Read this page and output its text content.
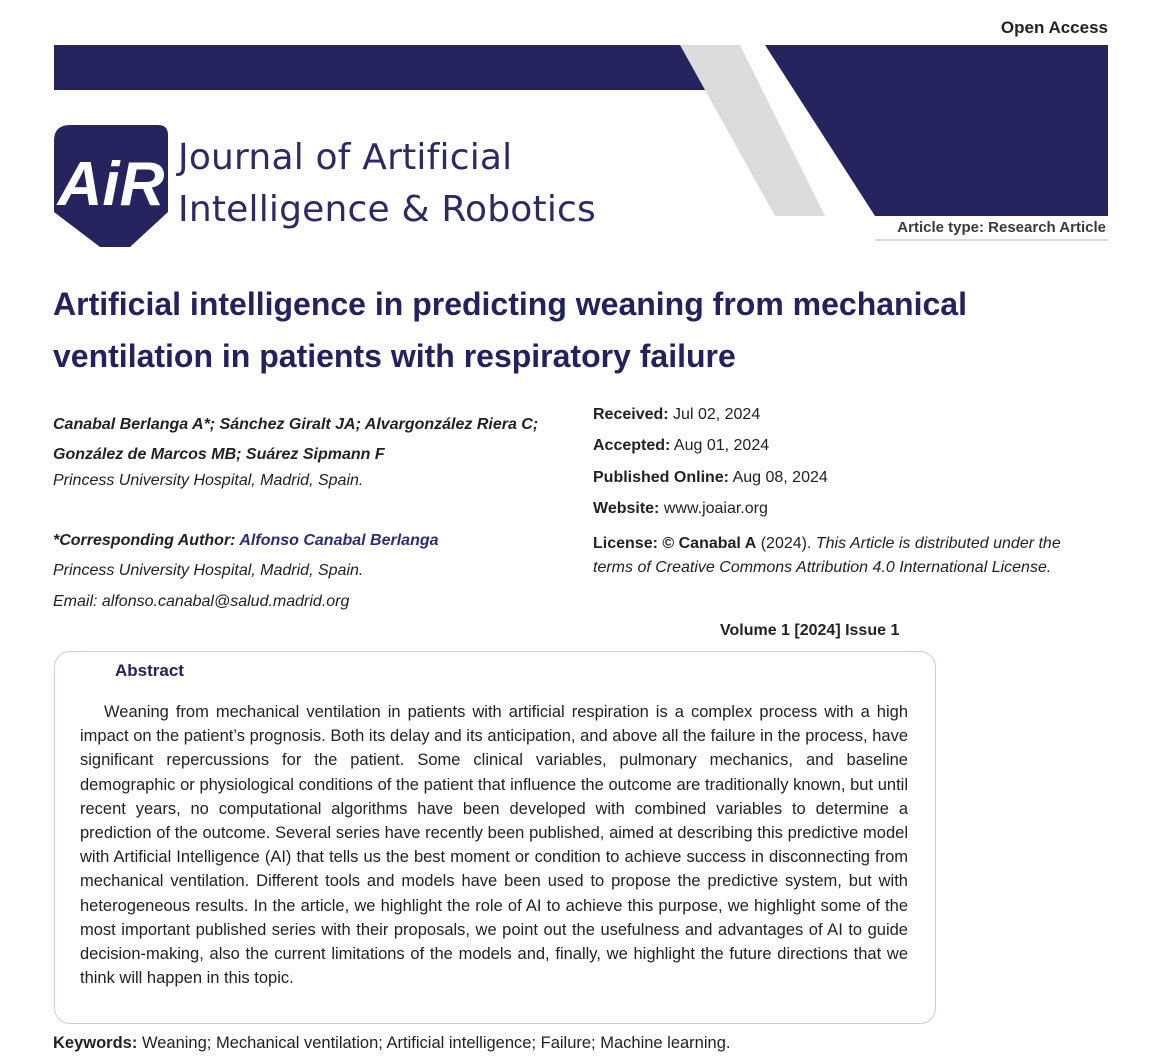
Open Access
AiR Journal of Artificial
Intelligence & Robotics	Article type: Research Article
Artificial intelligence in predicting weaning from mechanical ventilation in patients with respiratory failure
Canabal Berlanga A*; Sánchez Giralt JA; Alvargonzález Riera C; González de Marcos MB; Suárez Sipmann F
Princess University Hospital, Madrid, Spain.
*Corresponding Author: Alfonso Canabal Berlanga
Princess University Hospital, Madrid, Spain.
Email: alfonso.canabal@salud.madrid.org
Received: Jul 02, 2024
Accepted: Aug 01, 2024
Published Online: Aug 08, 2024
Website: www.joaiar.org
License: © Canabal A (2024). This Article is distributed under the terms of Creative Commons Attribution 4.0 International License.
Volume 1 [2024] Issue 1
Abstract
Weaning from mechanical ventilation in patients with artificial respiration is a complex process with a high impact on the patient’s prognosis. Both its delay and its anticipation, and above all the failure in the process, have significant repercussions for the patient. Some clinical variables, pulmonary mechanics, and baseline demographic or physiological conditions of the patient that influence the outcome are traditionally known, but until recent years, no computational algorithms have been developed with combined variables to determine a prediction of the outcome. Several series have recently been published, aimed at describing this predictive model with Artificial Intelligence (AI) that tells us the best moment or condition to achieve success in disconnecting from mechanical ventilation. Different tools and models have been used to propose the predictive system, but with heterogeneous results. In the article, we highlight the role of AI to achieve this purpose, we highlight some of the most important published series with their proposals, we point out the usefulness and advantages of AI to guide decision-making, also the current limitations of the models and, finally, we highlight the future directions that we think will happen in this topic.
Keywords: Weaning; Mechanical ventilation; Artificial intelligence; Failure; Machine learning.
